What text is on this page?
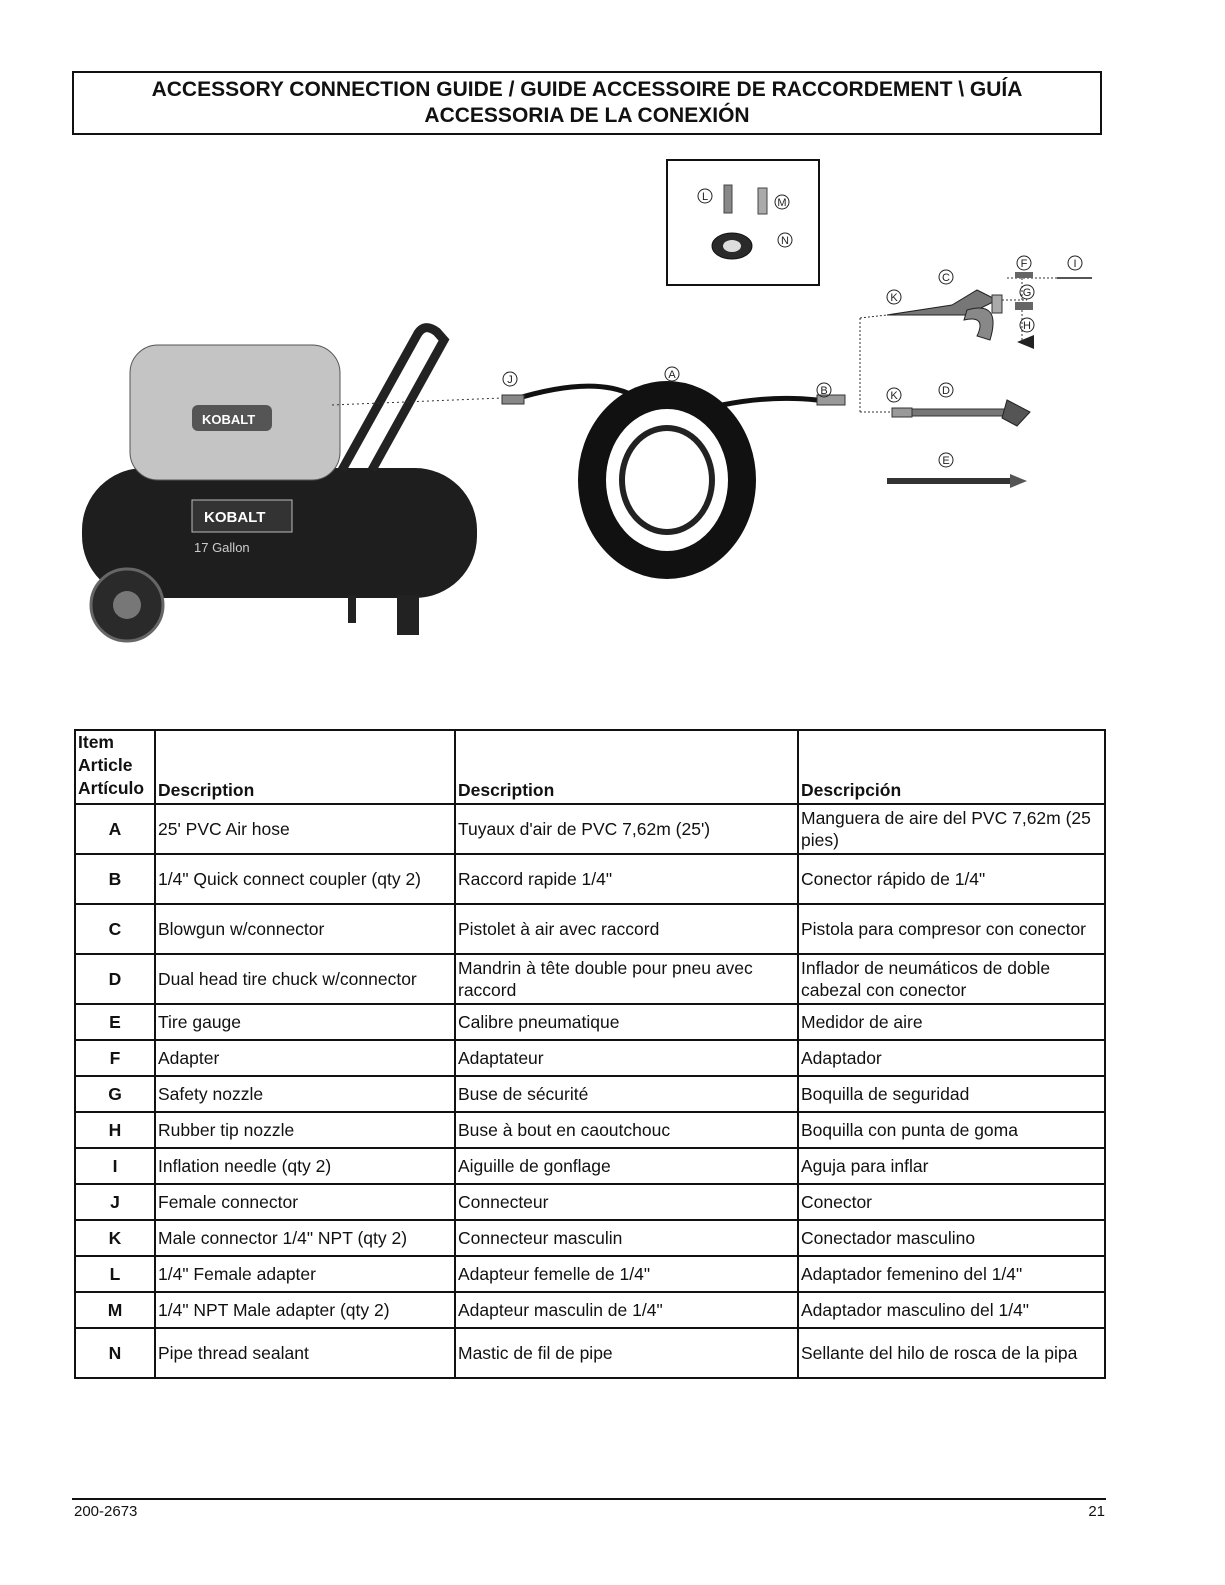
ACCESSORY CONNECTION GUIDE / GUIDE ACCESSOIRE DE RACCORDEMENT \ GUÍA
ACCESSORIA DE LA CONEXIÓN
KOBALT
KOBALT
17 Gallon
A
B
C
D
E
F
G
H
I
J
K
K
L	M
N
Item
Article
Artículo	Description	Description	Descripción
A	25' PVC Air hose	Tuyaux d'air de PVC 7,62m (25')	Manguera de aire del PVC 7,62m (25 pies)
B	1/4" Quick connect coupler (qty 2)	Raccord rapide 1/4"	Conector rápido de 1/4"
C	Blowgun w/connector	Pistolet à air avec raccord	Pistola para compresor con conector
D	Dual head tire chuck w/connector	Mandrin à tête double pour pneu avec raccord	Inflador de neumáticos de doble cabezal con conector
E	Tire gauge	Calibre pneumatique	Medidor de aire
F	Adapter	Adaptateur	Adaptador
G	Safety nozzle	Buse de sécurité	Boquilla de seguridad
H	Rubber tip nozzle	Buse à bout en caoutchouc	Boquilla con punta de goma
I	Inflation needle (qty 2)	Aiguille de gonflage	Aguja para inflar
J	Female connector	Connecteur	Conector
K	Male connector 1/4" NPT (qty 2)	Connecteur masculin	Conectador masculino
L	1/4" Female adapter	Adapteur femelle de 1/4"	Adaptador femenino del 1/4"
M	1/4" NPT Male adapter (qty 2)	Adapteur masculin de 1/4"	Adaptador masculino del 1/4"
N	Pipe thread sealant	Mastic de fil de pipe	Sellante del hilo de rosca de la pipa
200-2673	21
